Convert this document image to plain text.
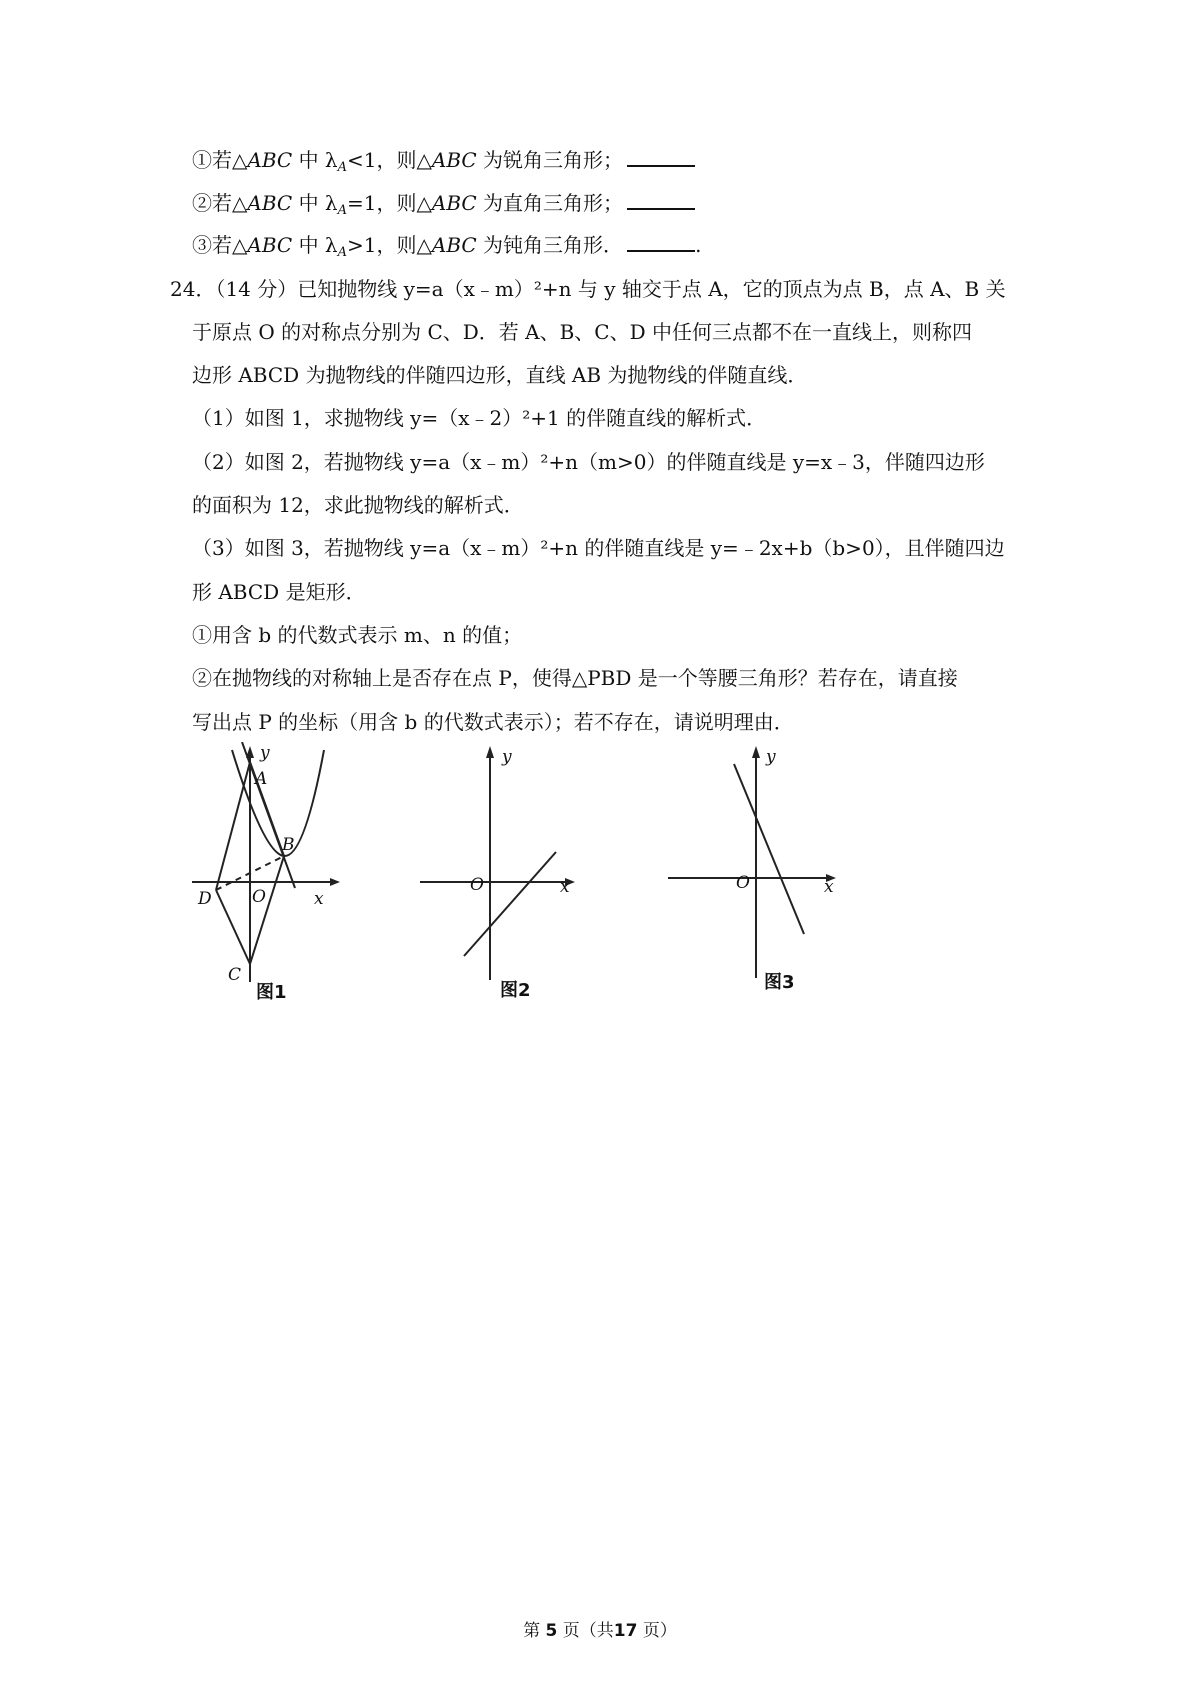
①若△ABC 中 $\lambda_A<1$，则△ABC 为锐角三角形；
②若△ABC 中 $\lambda_A=1$，则△ABC 为直角三角形；
③若△ABC 中 $\lambda_A>1$，则△ABC 为钝角三角形．	.
24．（14 分）已知抛物线 y=a（x﹣m）²+n 与 y 轴交于点 A，它的顶点为点 B，点 A、B 关
于原点 O 的对称点分别为 C、D．若 A、B、C、D 中任何三点都不在一直线上，则称四
边形 ABCD 为抛物线的伴随四边形，直线 AB 为抛物线的伴随直线．
（1）如图 1，求抛物线 y=（x﹣2）²+1 的伴随直线的解析式．
（2）如图 2，若抛物线 y=a（x﹣m）²+n（m>0）的伴随直线是 y=x﹣3，伴随四边形
的面积为 12，求此抛物线的解析式．
（3）如图 3，若抛物线 y=a（x﹣m）²+n 的伴随直线是 y=﹣2x+b（b>0），且伴随四边
形 ABCD 是矩形．
①用含 b 的代数式表示 m、n 的值；
②在抛物线的对称轴上是否存在点 P，使得△PBD 是一个等腰三角形？若存在，请直接
写出点 P 的坐标（用含 b 的代数式表示）；若不存在，请说明理由．
y
A
B
O	x
D
C
图1
y
O	x
图2
y
O	x
图3
第 5 页（共17 页）
